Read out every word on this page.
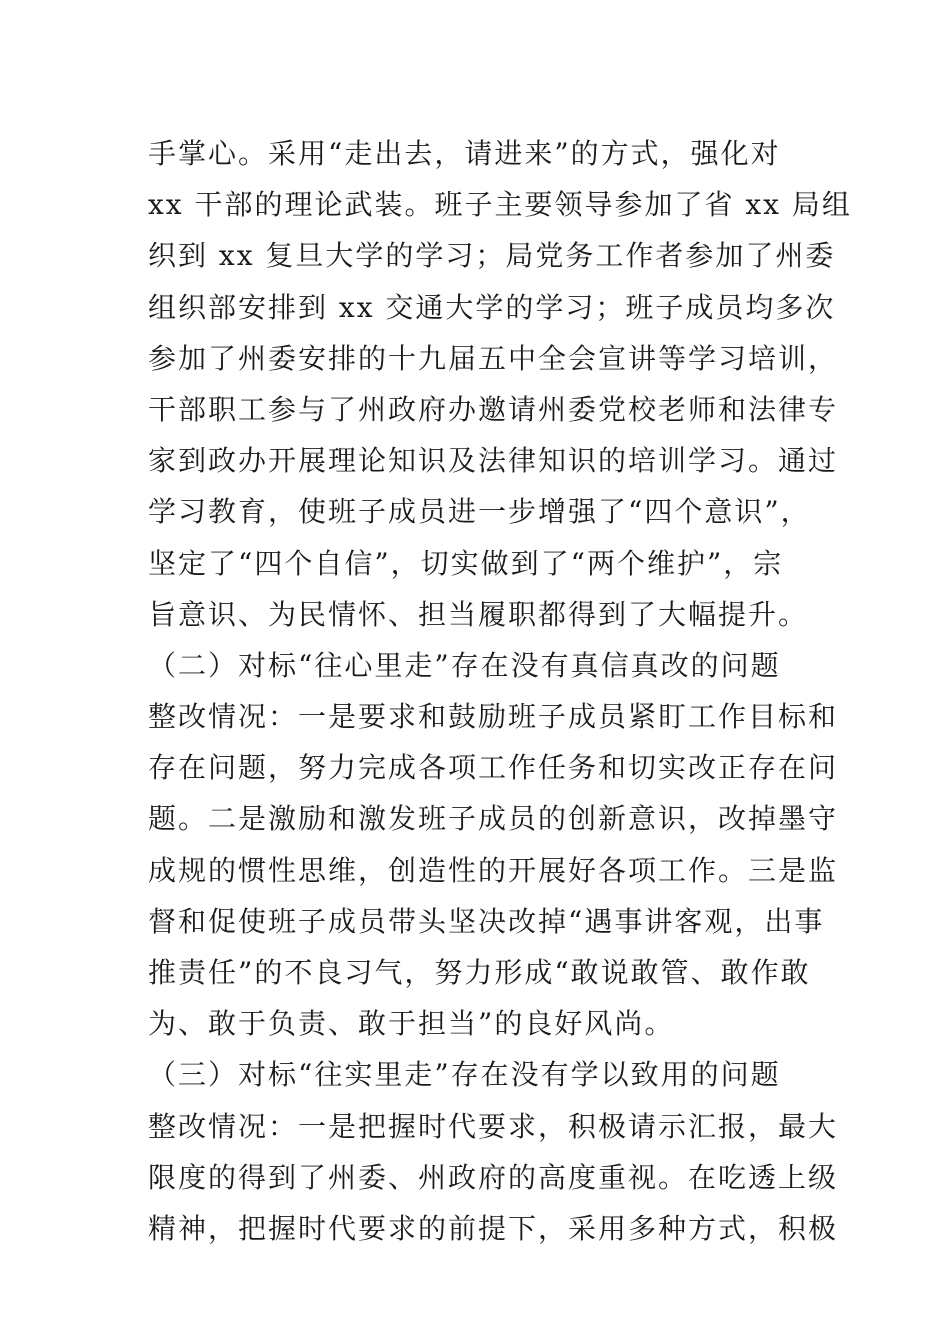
手掌心。采用“走出去，请进来”的方式，强化对
xx 干部的理论武装。班子主要领导参加了省 xx 局组
织到 xx 复旦大学的学习；局党务工作者参加了州委
组织部安排到 xx 交通大学的学习；班子成员均多次
参加了州委安排的十九届五中全会宣讲等学习培训，
干部职工参与了州政府办邀请州委党校老师和法律专
家到政办开展理论知识及法律知识的培训学习。通过
学习教育，使班子成员进一步增强了“四个意识”，
坚定了“四个自信”，切实做到了“两个维护”，宗
旨意识、为民情怀、担当履职都得到了大幅提升。
（二）对标“往心里走”存在没有真信真改的问题
整改情况：一是要求和鼓励班子成员紧盯工作目标和
存在问题，努力完成各项工作任务和切实改正存在问
题。二是激励和激发班子成员的创新意识，改掉墨守
成规的惯性思维，创造性的开展好各项工作。三是监
督和促使班子成员带头坚决改掉“遇事讲客观，出事
推责任”的不良习气，努力形成“敢说敢管、敢作敢
为、敢于负责、敢于担当”的良好风尚。
（三）对标“往实里走”存在没有学以致用的问题
整改情况：一是把握时代要求，积极请示汇报，最大
限度的得到了州委、州政府的高度重视。在吃透上级
精神，把握时代要求的前提下，采用多种方式，积极
